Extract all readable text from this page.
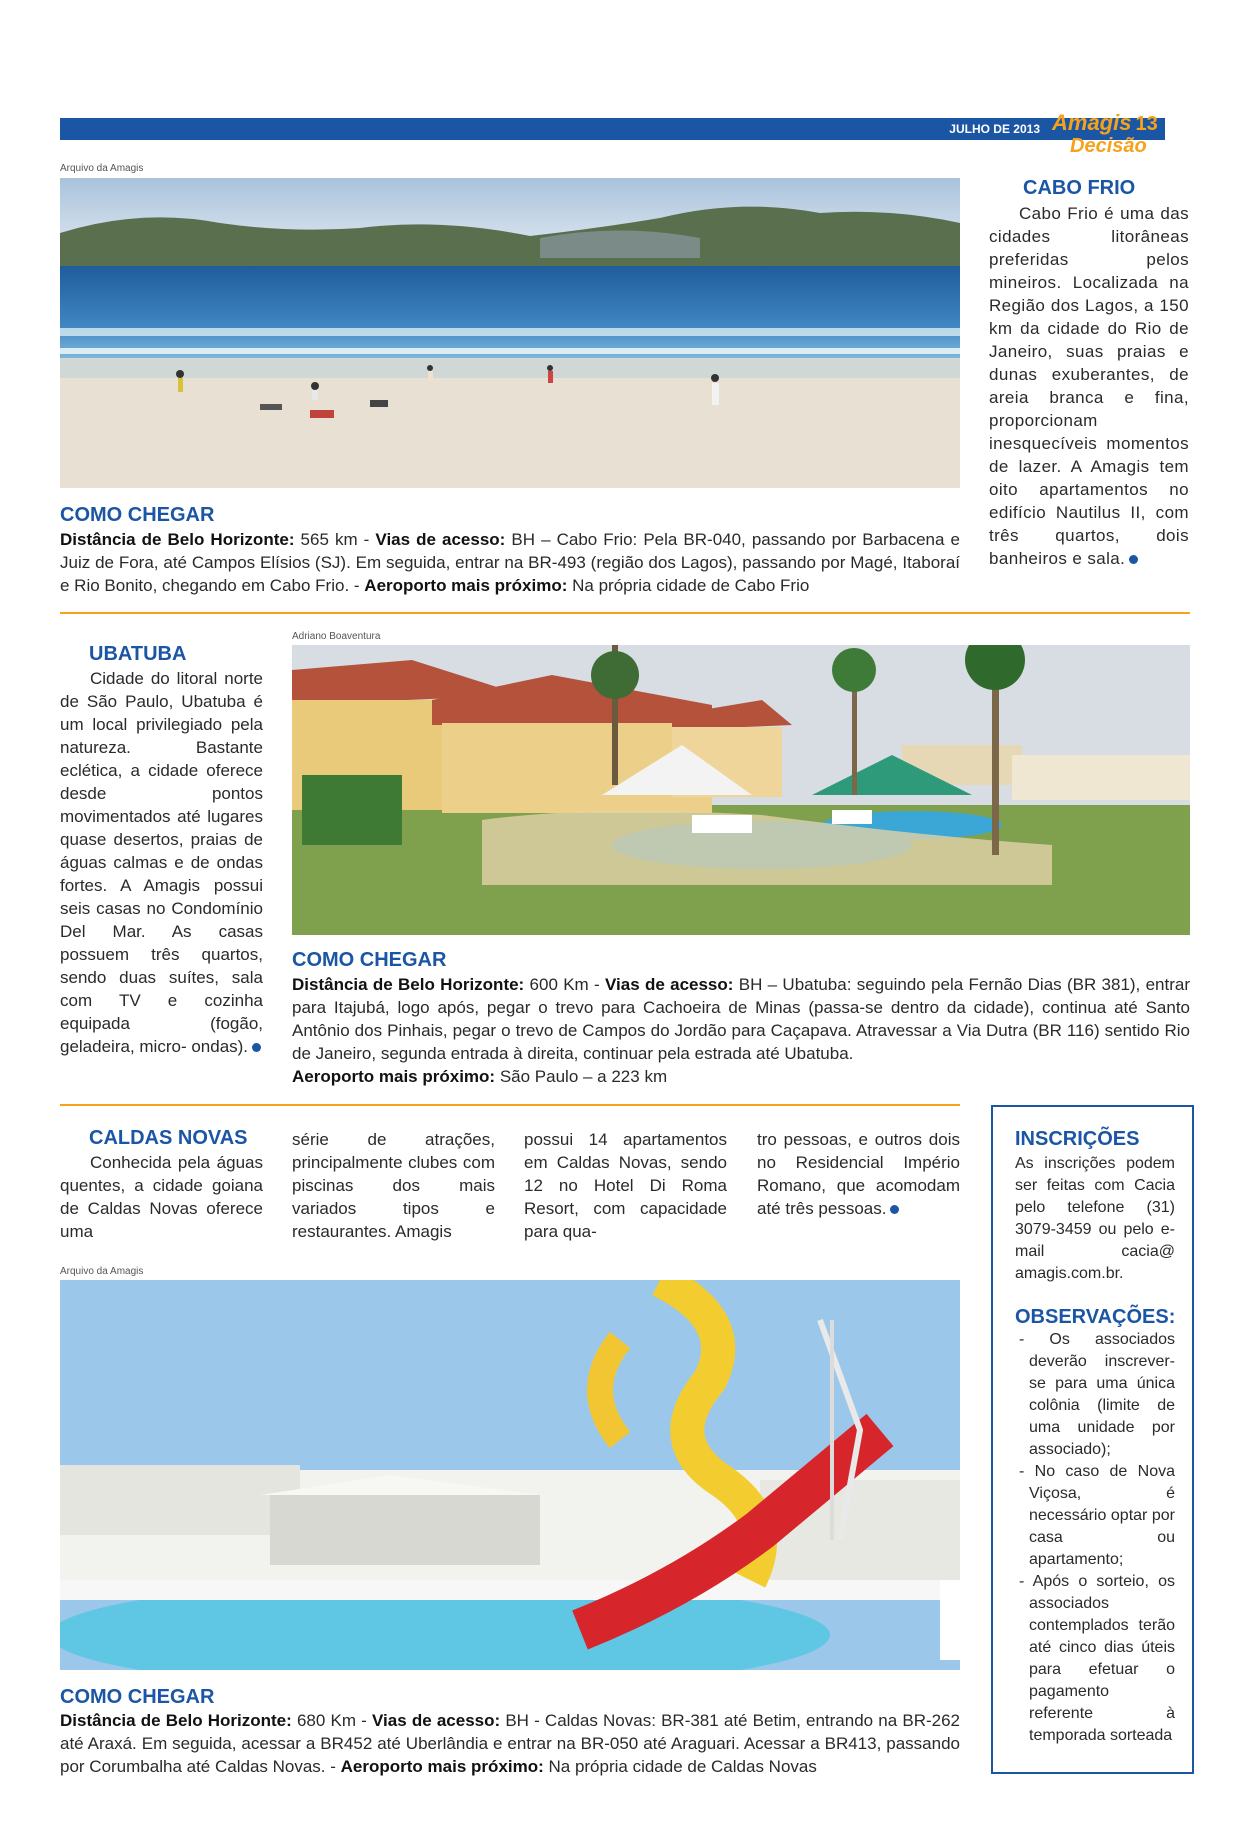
JULHO DE 2013 Amagis 13
Decisão
Arquivo da Amagis
CABO FRIO
Cabo Frio é uma das cidades litorâneas preferidas pelos mineiros. Localizada na Região dos Lagos, a 150 km da cidade do Rio de Janeiro, suas praias e dunas exuberantes, de areia branca e fina, proporcionam inesquecíveis momentos de lazer. A Amagis tem oito apartamentos no edifício Nautilus II, com três quartos, dois banheiros e sala.
COMO CHEGAR
Distância de Belo Horizonte: 565 km - Vias de acesso: BH – Cabo Frio: Pela BR-040, passando por Barbacena e Juiz de Fora, até Campos Elísios (SJ). Em seguida, entrar na BR-493 (região dos Lagos), passando por Magé, Itaboraí e Rio Bonito, chegando em Cabo Frio. - Aeroporto mais próximo: Na própria cidade de Cabo Frio
UBATUBA
Cidade do litoral norte de São Paulo, Ubatuba é um local privilegiado pela natureza. Bastante eclética, a cidade oferece desde pontos movimentados até lugares quase desertos, praias de águas calmas e de ondas fortes. A Amagis possui seis casas no Condomínio Del Mar. As casas possuem três quartos, sendo duas suítes, sala com TV e cozinha equipada (fogão, geladeira, micro- ondas).
Adriano Boaventura
COMO CHEGAR
Distância de Belo Horizonte: 600 Km - Vias de acesso: BH – Ubatuba: seguindo pela Fernão Dias (BR 381), entrar para Itajubá, logo após, pegar o trevo para Cachoeira de Minas (passa-se dentro da cidade), continua até Santo Antônio dos Pinhais, pegar o trevo de Campos do Jordão para Caçapava. Atravessar a Via Dutra (BR 116) sentido Rio de Janeiro, segunda entrada à direita, continuar pela estrada até Ubatuba.
Aeroporto mais próximo: São Paulo – a 223 km
CALDAS NOVAS
Conhecida pela águas quentes, a cidade goiana de Caldas Novas oferece uma
série de atrações, principalmente clubes com piscinas dos mais variados tipos e restaurantes. Amagis
possui 14 apartamentos em Caldas Novas, sendo 12 no Hotel Di Roma Resort, com capacidade para qua-
tro pessoas, e outros dois no Residencial Império Romano, que acomodam até três pessoas.
Arquivo da Amagis
COMO CHEGAR
Distância de Belo Horizonte: 680 Km - Vias de acesso: BH - Caldas Novas: BR-381 até Betim, entrando na BR-262 até Araxá. Em seguida, acessar a BR452 até Uberlândia e entrar na BR-050 até Araguari. Acessar a BR413, passando por Corumbalha até Caldas Novas. - Aeroporto mais próximo: Na própria cidade de Caldas Novas
INSCRIÇÕES
As inscrições podem ser feitas com Cacia pelo telefone (31) 3079-3459 ou pelo e-mail cacia@ amagis.com.br.
OBSERVAÇÕES:
- Os associados deverão inscrever-se para uma única colônia (limite de uma unidade por associado);
- No caso de Nova Viçosa, é necessário optar por casa ou apartamento;
- Após o sorteio, os associados contemplados terão até cinco dias úteis para efetuar o pagamento referente à temporada sorteada
